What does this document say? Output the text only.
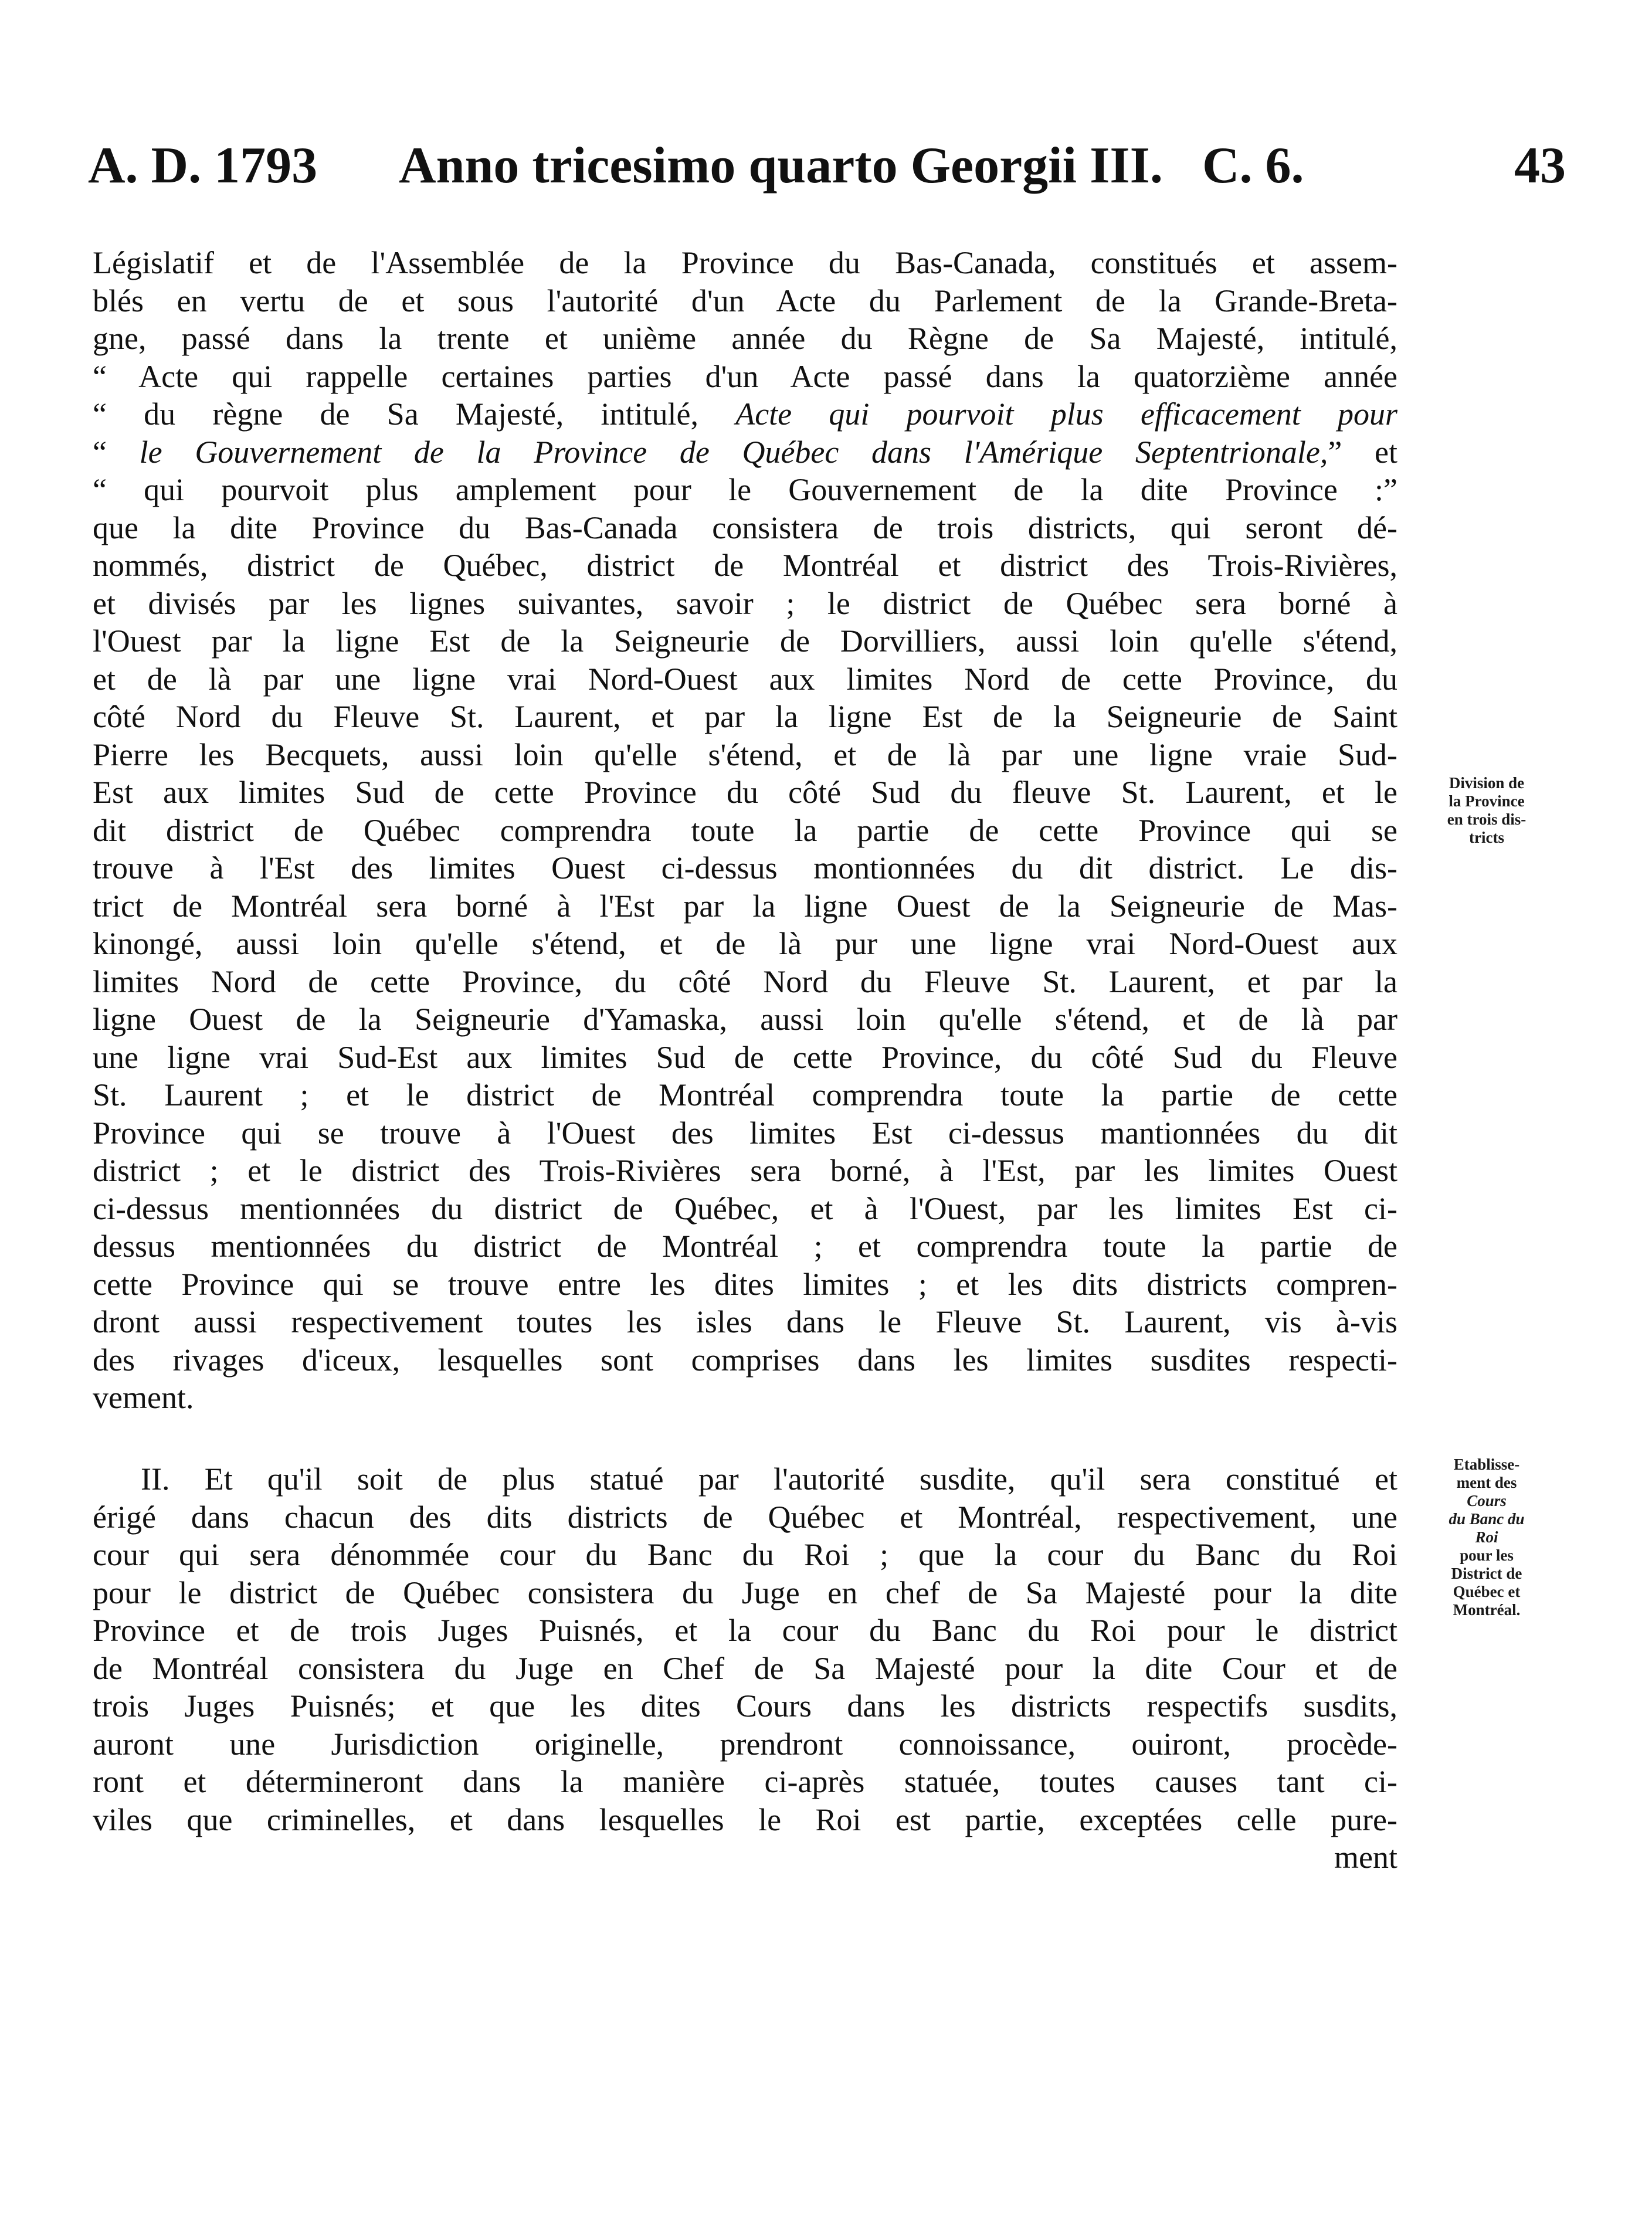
A. D. 1793 Anno tricesimo quarto Georgii III. C. 6.	43
Législatif et de l'Assemblée de la Province du Bas-Canada, constitués et assem-
blés en vertu de et sous l'autorité d'un Acte du Parlement de la Grande-Breta-
gne, passé dans la trente et unième année du Règne de Sa Majesté, intitulé,
“ Acte qui rappelle certaines parties d'un Acte passé dans la quatorzième année
“ du règne de Sa Majesté, intitulé, Acte qui pourvoit plus efficacement pour
“ le Gouvernement de la Province de Québec dans l'Amérique Septentrionale,” et
“ qui pourvoit plus amplement pour le Gouvernement de la dite Province :”
que la dite Province du Bas-Canada consistera de trois districts, qui seront dé-
nommés, district de Québec, district de Montréal et district des Trois-Rivières,
et divisés par les lignes suivantes, savoir ; le district de Québec sera borné à
l'Ouest par la ligne Est de la Seigneurie de Dorvilliers, aussi loin qu'elle s'étend,
et de là par une ligne vrai Nord-Ouest aux limites Nord de cette Province, du
côté Nord du Fleuve St. Laurent, et par la ligne Est de la Seigneurie de Saint
Pierre les Becquets, aussi loin qu'elle s'étend, et de là par une ligne vraie Sud-
Est aux limites Sud de cette Province du côté Sud du fleuve St. Laurent, et le
dit district de Québec comprendra toute la partie de cette Province qui se
trouve à l'Est des limites Ouest ci-dessus montionnées du dit district. Le dis-
trict de Montréal sera borné à l'Est par la ligne Ouest de la Seigneurie de Mas-
kinongé, aussi loin qu'elle s'étend, et de là pur une ligne vrai Nord-Ouest aux
limites Nord de cette Province, du côté Nord du Fleuve St. Laurent, et par la
ligne Ouest de la Seigneurie d'Yamaska, aussi loin qu'elle s'étend, et de là par
une ligne vrai Sud-Est aux limites Sud de cette Province, du côté Sud du Fleuve
St. Laurent ; et le district de Montréal comprendra toute la partie de cette
Province qui se trouve à l'Ouest des limites Est ci-dessus mantionnées du dit
district ; et le district des Trois-Rivières sera borné, à l'Est, par les limites Ouest
ci-dessus mentionnées du district de Québec, et à l'Ouest, par les limites Est ci-
dessus mentionnées du district de Montréal ; et comprendra toute la partie de
cette Province qui se trouve entre les dites limites ; et les dits districts compren-
dront aussi respectivement toutes les isles dans le Fleuve St. Laurent, vis à-vis
des rivages d'iceux, lesquelles sont comprises dans les limites susdites respecti-
vement.
Division de
la Province
en trois dis-
tricts
II. Et qu'il soit de plus statué par l'autorité susdite, qu'il sera constitué et
érigé dans chacun des dits districts de Québec et Montréal, respectivement, une
cour qui sera dénommée cour du Banc du Roi ; que la cour du Banc du Roi
pour le district de Québec consistera du Juge en chef de Sa Majesté pour la dite
Province et de trois Juges Puisnés, et la cour du Banc du Roi pour le district
de Montréal consistera du Juge en Chef de Sa Majesté pour la dite Cour et de
trois Juges Puisnés; et que les dites Cours dans les districts respectifs susdits,
auront une Jurisdiction originelle, prendront connoissance, ouiront, procède-
ront et détermineront dans la manière ci-après statuée, toutes causes tant ci-
viles que criminelles, et dans lesquelles le Roi est partie, exceptées celle pure-
ment
Etablisse-
ment des
Cours
du Banc du
Roi
pour les
District de
Québec et
Montréal.
